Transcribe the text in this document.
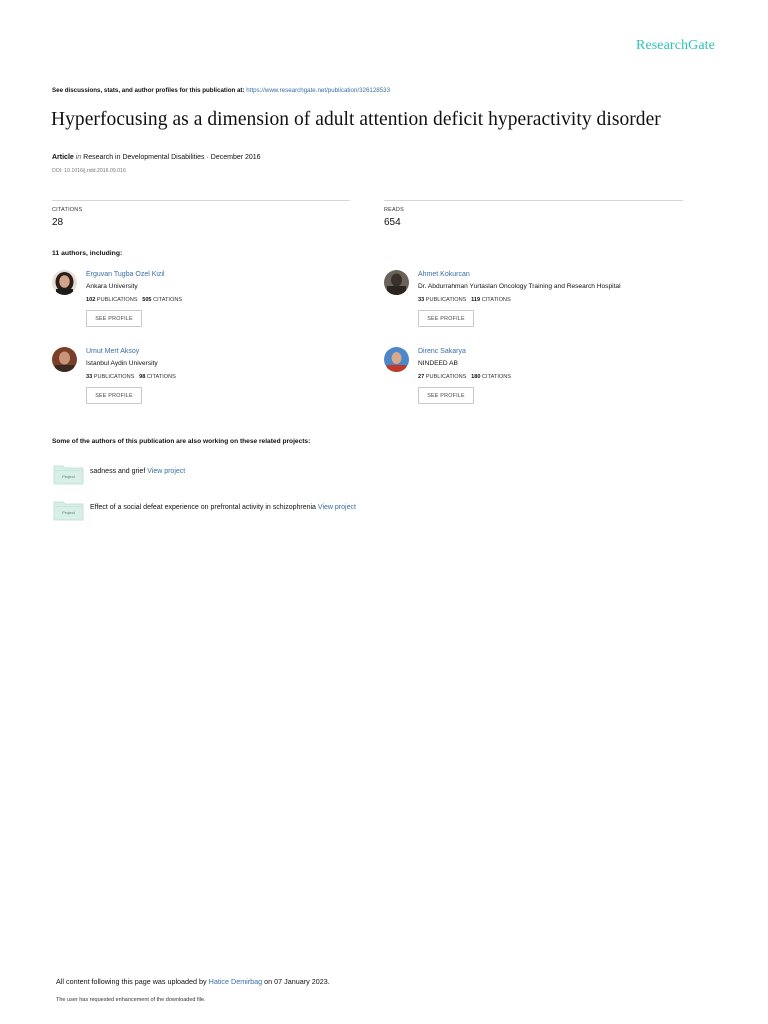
ResearchGate
See discussions, stats, and author profiles for this publication at: https://www.researchgate.net/publication/326128533
Hyperfocusing as a dimension of adult attention deficit hyperactivity disorder
Article in Research in Developmental Disabilities · December 2016
DOI: 10.1016/j.ridd.2016.09.016
CITATIONS
28
READS
654
11 authors, including:
Erguvan Tugba Ozel Kizil
Ankara University
102 PUBLICATIONS 505 CITATIONS
SEE PROFILE
Ahmet Kokurcan
Dr. Abdurrahman Yurtaslan Oncology Training and Research Hospital
33 PUBLICATIONS 119 CITATIONS
SEE PROFILE
Umut Mert Aksoy
Istanbul Aydin University
33 PUBLICATIONS 98 CITATIONS
SEE PROFILE
Direnc Sakarya
NINDEED AB
27 PUBLICATIONS 180 CITATIONS
SEE PROFILE
Some of the authors of this publication are also working on these related projects:
Project
sadness and grief View project
Project
Effect of a social defeat experience on prefrontal activity in schizophrenia View project
All content following this page was uploaded by Hatice Demirbag on 07 January 2023.
The user has requested enhancement of the downloaded file.
